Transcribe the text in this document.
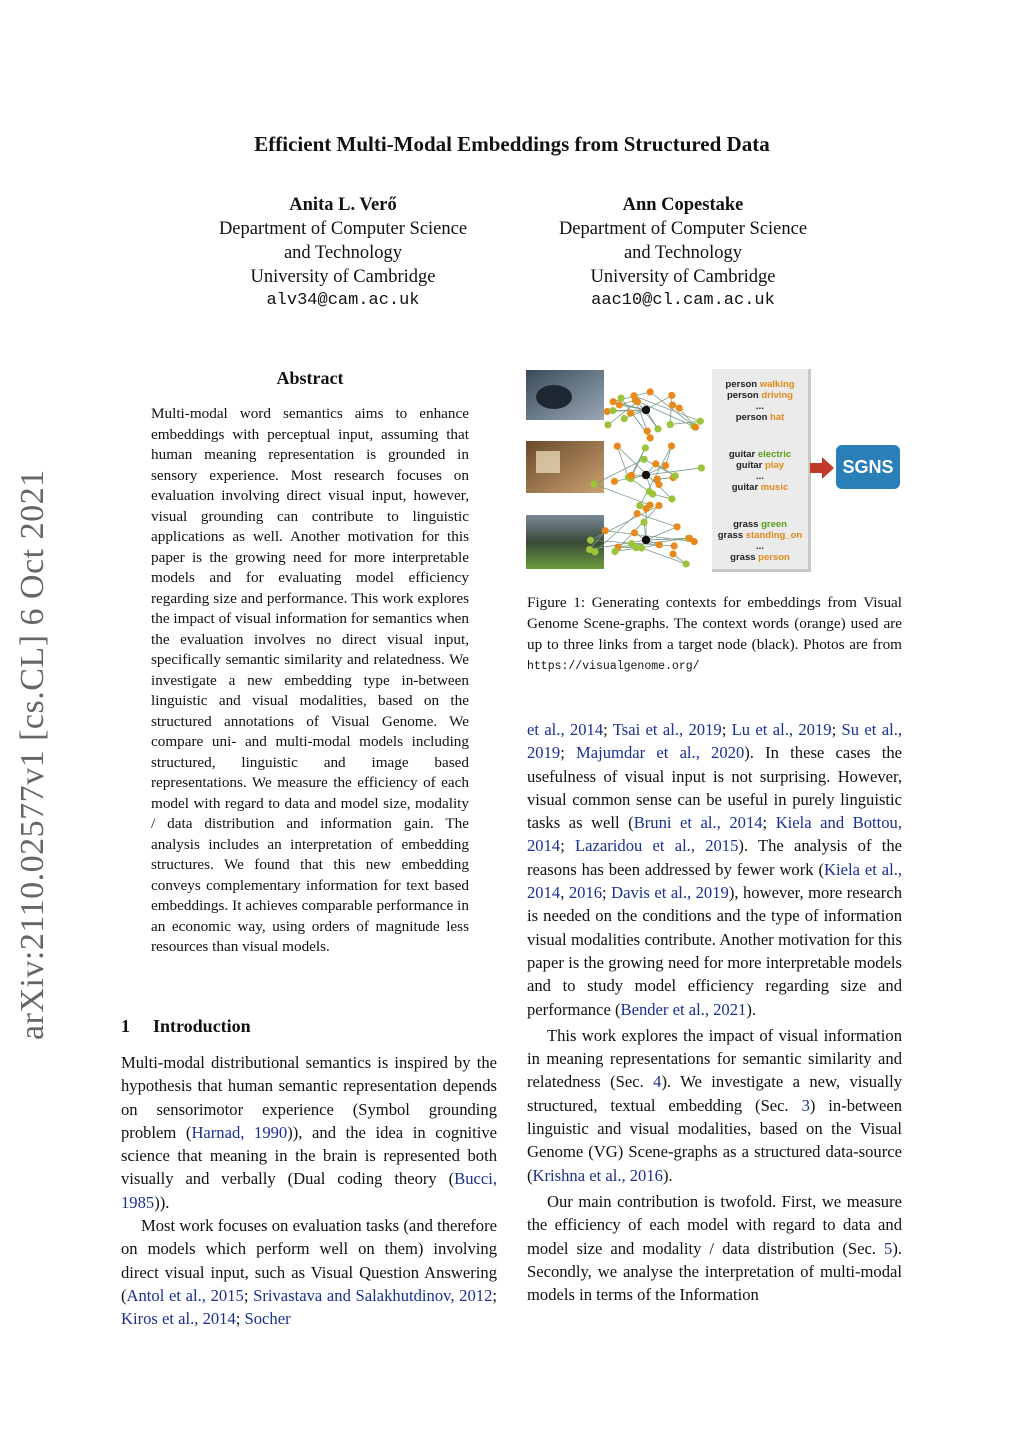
arXiv:2110.02577v1 [cs.CL] 6 Oct 2021
Efficient Multi-Modal Embeddings from Structured Data
Anita L. Verő
Department of Computer Science
and Technology
University of Cambridge
alv34@cam.ac.uk
Ann Copestake
Department of Computer Science
and Technology
University of Cambridge
aac10@cl.cam.ac.uk
Abstract
Multi-modal word semantics aims to enhance embeddings with perceptual input, assuming that human meaning representation is grounded in sensory experience. Most research focuses on evaluation involving direct visual input, however, visual grounding can contribute to linguistic applications as well. Another motivation for this paper is the growing need for more interpretable models and for evaluating model efficiency regarding size and performance. This work explores the impact of visual information for semantics when the evaluation involves no direct visual input, specifically semantic similarity and relatedness. We investigate a new embedding type in-between linguistic and visual modalities, based on the structured annotations of Visual Genome. We compare uni- and multi-modal models including structured, linguistic and image based representations. We measure the efficiency of each model with regard to data and model size, modality / data distribution and information gain. The analysis includes an interpretation of embedding structures. We found that this new embedding conveys complementary information for text based embeddings. It achieves comparable performance in an economic way, using orders of magnitude less resources than visual models.
1 Introduction

Multi-modal distributional semantics is inspired by the hypothesis that human semantic representation depends on sensorimotor experience (Symbol grounding problem (Harnad, 1990)), and the idea in cognitive science that meaning in the brain is represented both visually and verbally (Dual coding theory (Bucci, 1985)).

Most work focuses on evaluation tasks (and therefore on models which perform well on them) involving direct visual input, such as Visual Question Answering (Antol et al., 2015; Srivastava and Salakhutdinov, 2012; Kiros et al., 2014; Socher

person walking
person driving
...
person hat
guitar electric
guitar play
...
guitar music
grass green
grass standing_on
...
grass person
SGNS
Figure 1: Generating contexts for embeddings from Visual Genome Scene-graphs. The context words (orange) used are up to three links from a target node (black). Photos are from https://visualgenome.org/

et al., 2014; Tsai et al., 2019; Lu et al., 2019; Su et al., 2019; Majumdar et al., 2020). In these cases the usefulness of visual input is not surprising. However, visual common sense can be useful in purely linguistic tasks as well (Bruni et al., 2014; Kiela and Bottou, 2014; Lazaridou et al., 2015). The analysis of the reasons has been addressed by fewer work (Kiela et al., 2014, 2016; Davis et al., 2019), however, more research is needed on the conditions and the type of information visual modalities contribute. Another motivation for this paper is the growing need for more interpretable models and to study model efficiency regarding size and performance (Bender et al., 2021).

This work explores the impact of visual information in meaning representations for semantic similarity and relatedness (Sec. 4). We investigate a new, visually structured, textual embedding (Sec. 3) in-between linguistic and visual modalities, based on the Visual Genome (VG) Scene-graphs as a structured data-source (Krishna et al., 2016).

Our main contribution is twofold. First, we measure the efficiency of each model with regard to data and model size and modality / data distribution (Sec. 5). Secondly, we analyse the interpretation of multi-modal models in terms of the Information
